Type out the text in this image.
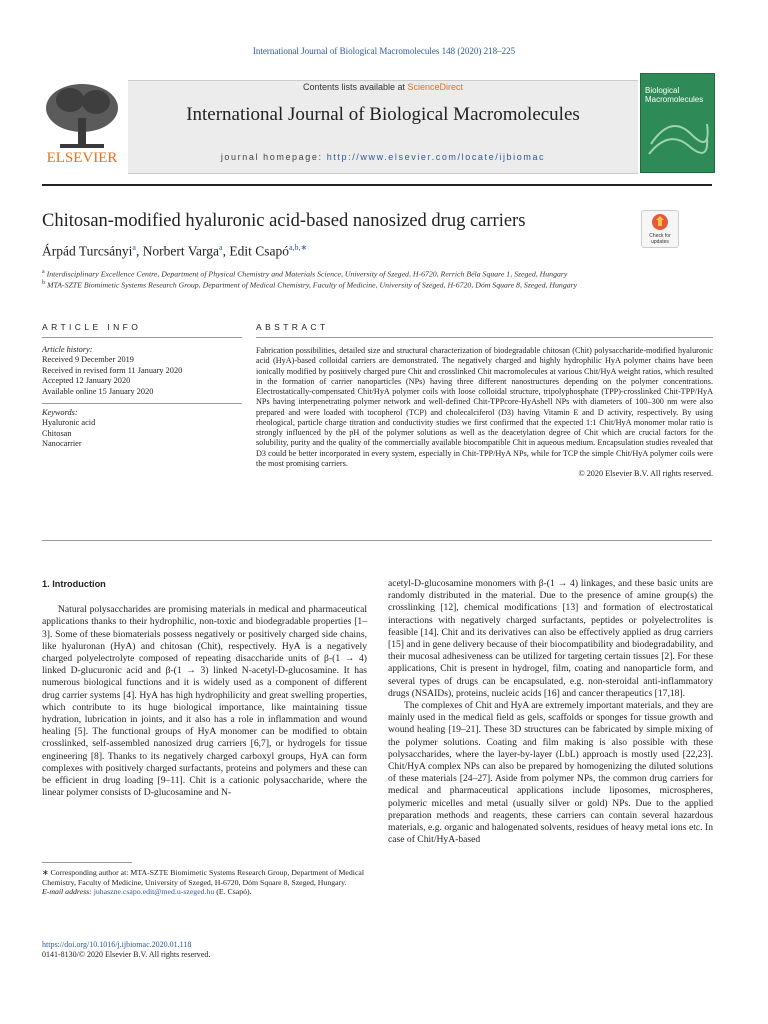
International Journal of Biological Macromolecules 148 (2020) 218–225
Contents lists available at ScienceDirect
International Journal of Biological Macromolecules
journal homepage: http://www.elsevier.com/locate/ijbiomac
ELSEVIER
Biological Macromolecules
Chitosan-modified hyaluronic acid-based nanosized drug carriers
Check for updates
Árpád Turcsányi$^a$, Norbert Varga$^a$, Edit Csapó$^{a,b,∗}$
$^a$ Interdisciplinary Excellence Centre, Department of Physical Chemistry and Materials Science, University of Szeged, H-6720, Rerrich Béla Square 1, Szeged, Hungary
$^b$ MTA-SZTE Biomimetic Systems Research Group, Department of Medical Chemistry, Faculty of Medicine, University of Szeged, H-6720, Dóm Square 8, Szeged, Hungary
ARTICLE INFO	ABSTRACT
Article history:
Received 9 December 2019
Received in revised form 11 January 2020
Accepted 12 January 2020
Available online 15 January 2020
Keywords:
Hyaluronic acid
Chitosan
Nanocarrier
Fabrication possibilities, detailed size and structural characterization of biodegradable chitosan (Chit) polysaccharide-modified hyaluronic acid (HyA)-based colloidal carriers are demonstrated. The negatively charged and highly hydrophilic HyA polymer chains have been ionically modified by positively charged pure Chit and crosslinked Chit macromolecules at various Chit/HyA weight ratios, which resulted in the formation of carrier nanoparticles (NPs) having three different nanostructures depending on the polymer concentrations. Electrostatically-compensated Chit/HyA polymer coils with loose colloidal structure, tripolyphosphate (TPP)-crosslinked Chit-TPP/HyA NPs having interpenetrating polymer network and well-defined Chit-TPPcore-HyAshell NPs with diameters of 100–300 nm were also prepared and were loaded with tocopherol (TCP) and cholecalciferol (D3) having Vitamin E and D activity, respectively. By using rheological, particle charge titration and conductivity studies we first confirmed that the expected 1:1 Chit/HyA monomer molar ratio is strongly influenced by the pH of the polymer solutions as well as the deacetylation degree of Chit which are crucial factors for the solubility, purity and the quality of the commercially available biocompatible Chit in aqueous medium. Encapsulation studies revealed that D3 could be better incorporated in every system, especially in Chit-TPP/HyA NPs, while for TCP the simple Chit/HyA polymer coils were the most promising carriers.
© 2020 Elsevier B.V. All rights reserved.
1. Introduction
Natural polysaccharides are promising materials in medical and pharmaceutical applications thanks to their hydrophilic, non-toxic and biodegradable properties [1–3]. Some of these biomaterials possess negatively or positively charged side chains, like hyaluronan (HyA) and chitosan (Chit), respectively. HyA is a negatively charged polyelectrolyte composed of repeating disaccharide units of β-(1 → 4) linked D-glucuronic acid and β-(1 → 3) linked N-acetyl-D-glucosamine. It has numerous biological functions and it is widely used as a component of different drug carrier systems [4]. HyA has high hydrophilicity and great swelling properties, which contribute to its huge biological importance, like maintaining tissue hydration, lubrication in joints, and it also has a role in inflammation and wound healing [5]. The functional groups of HyA monomer can be modified to obtain crosslinked, self-assembled nanosized drug carriers [6,7], or hydrogels for tissue engineering [8]. Thanks to its negatively charged carboxyl groups, HyA can form complexes with positively charged surfactants, proteins and polymers and these can be efficient in drug loading [9–11]. Chit is a cationic polysaccharide, where the linear polymer consists of D-glucosamine and N-
acetyl-D-glucosamine monomers with β-(1 → 4) linkages, and these basic units are randomly distributed in the material. Due to the presence of amine group(s) the crosslinking [12], chemical modifications [13] and formation of electrostatical interactions with negatively charged surfactants, peptides or polyelectrolites is feasible [14]. Chit and its derivatives can also be effectively applied as drug carriers [15] and in gene delivery because of their biocompatibility and biodegradability, and their mucosal adhesiveness can be utilized for targeting certain tissues [2]. For these applications, Chit is present in hydrogel, film, coating and nanoparticle form, and several types of drugs can be encapsulated, e.g. non-steroidal anti-inflammatory drugs (NSAIDs), proteins, nucleic acids [16] and cancer therapeutics [17,18].
The complexes of Chit and HyA are extremely important materials, and they are mainly used in the medical field as gels, scaffolds or sponges for tissue growth and wound healing [19–21]. These 3D structures can be fabricated by simple mixing of the polymer solutions. Coating and film making is also possible with these polysaccharides, where the layer-by-layer (LbL) approach is mostly used [22,23]. Chit/HyA complex NPs can also be prepared by homogenizing the diluted solutions of these materials [24–27]. Aside from polymer NPs, the common drug carriers for medical and pharmaceutical applications include liposomes, microspheres, polymeric micelles and metal (usually silver or gold) NPs. Due to the applied preparation methods and reagents, these carriers can contain several hazardous materials, e.g. organic and halogenated solvents, residues of heavy metal ions etc. In case of Chit/HyA-based
∗ Corresponding author at: MTA-SZTE Biomimetic Systems Research Group, Department of Medical Chemistry, Faculty of Medicine, University of Szeged, H-6720, Dóm Square 8, Szeged, Hungary.
E-mail address: juhaszne.csapo.edit@med.u-szeged.hu (E. Csapó).
https://doi.org/10.1016/j.ijbiomac.2020.01.118
0141-8130/© 2020 Elsevier B.V. All rights reserved.
